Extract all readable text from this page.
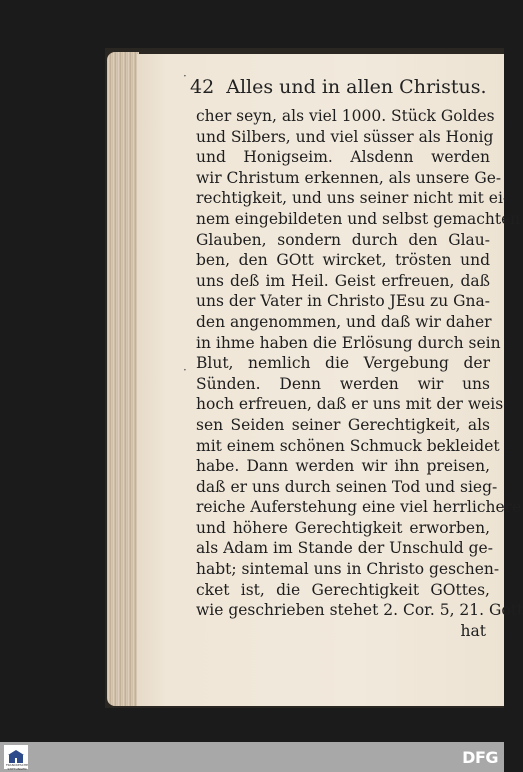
42 Alles und in allen Christus.
cher seyn, als viel 1000. Stück Goldes
und Silbers, und viel süsser als Honig
und Honigseim. Alsdenn werden
wir Christum erkennen, als unsere Ge-
rechtigkeit, und uns seiner nicht mit ei-
nem eingebildeten und selbst gemachten
Glauben, sondern durch den Glau-
ben, den GOtt wircket, trösten und
uns deß im Heil. Geist erfreuen, daß
uns der Vater in Christo JEsu zu Gna-
den angenommen, und daß wir daher
in ihme haben die Erlösung durch sein
Blut, nemlich die Vergebung der
Sünden. Denn werden wir uns
hoch erfreuen, daß er uns mit der weis-
sen Seiden seiner Gerechtigkeit, als
mit einem schönen Schmuck bekleidet
habe. Dann werden wir ihn preisen,
daß er uns durch seinen Tod und sieg-
reiche Auferstehung eine viel herrlichere
und höhere Gerechtigkeit erworben,
als Adam im Stande der Unschuld ge-
habt; sintemal uns in Christo geschen-
cket ist, die Gerechtigkeit GOttes,
wie geschrieben stehet 2. Cor. 5, 21. Gott
hat
·
·
FRANCKESCHE STIFTUNGEN
DFG
